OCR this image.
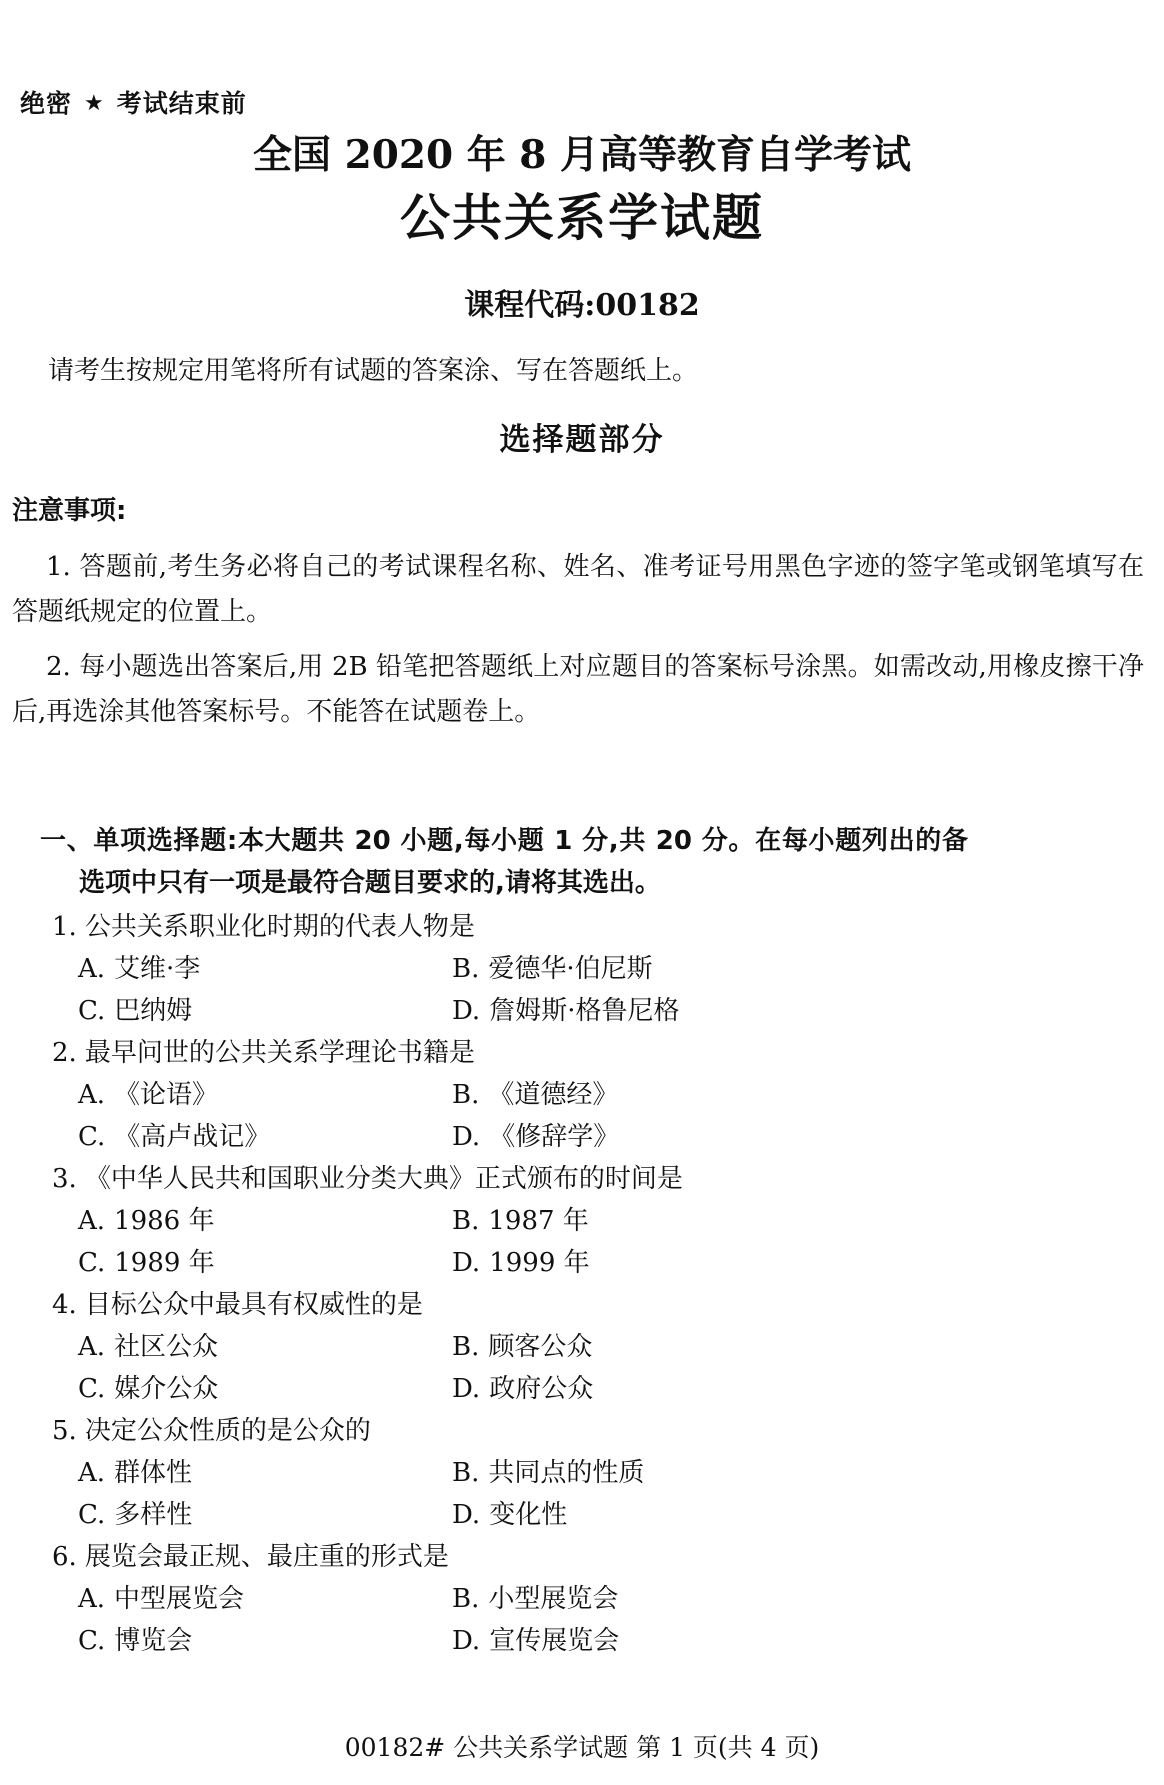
绝密 ★ 考试结束前
全国 2020 年 8 月高等教育自学考试
公共关系学试题
课程代码:00182

请考生按规定用笔将所有试题的答案涂、写在答题纸上。

选择题部分
注意事项:

1. 答题前,考生务必将自己的考试课程名称、姓名、准考证号用黑色字迹的签字笔或钢笔填写在答题纸规定的位置上。

2. 每小题选出答案后,用 2B 铅笔把答题纸上对应题目的答案标号涂黑。如需改动,用橡皮擦干净后,再选涂其他答案标号。不能答在试题卷上。

一、单项选择题:本大题共 20 小题,每小题 1 分,共 20 分。在每小题列出的备选项中只有一项是最符合题目要求的,请将其选出。
1. 公共关系职业化时期的代表人物是
A. 艾维·李	B. 爱德华·伯尼斯
C. 巴纳姆	D. 詹姆斯·格鲁尼格
2. 最早问世的公共关系学理论书籍是
A. 《论语》	B. 《道德经》
C. 《高卢战记》	D. 《修辞学》
3. 《中华人民共和国职业分类大典》正式颁布的时间是
A. 1986 年	B. 1987 年
C. 1989 年	D. 1999 年
4. 目标公众中最具有权威性的是
A. 社区公众	B. 顾客公众
C. 媒介公众	D. 政府公众
5. 决定公众性质的是公众的
A. 群体性	B. 共同点的性质
C. 多样性	D. 变化性
6. 展览会最正规、最庄重的形式是
A. 中型展览会	B. 小型展览会
C. 博览会	D. 宣传展览会
00182# 公共关系学试题 第 1 页(共 4 页)
